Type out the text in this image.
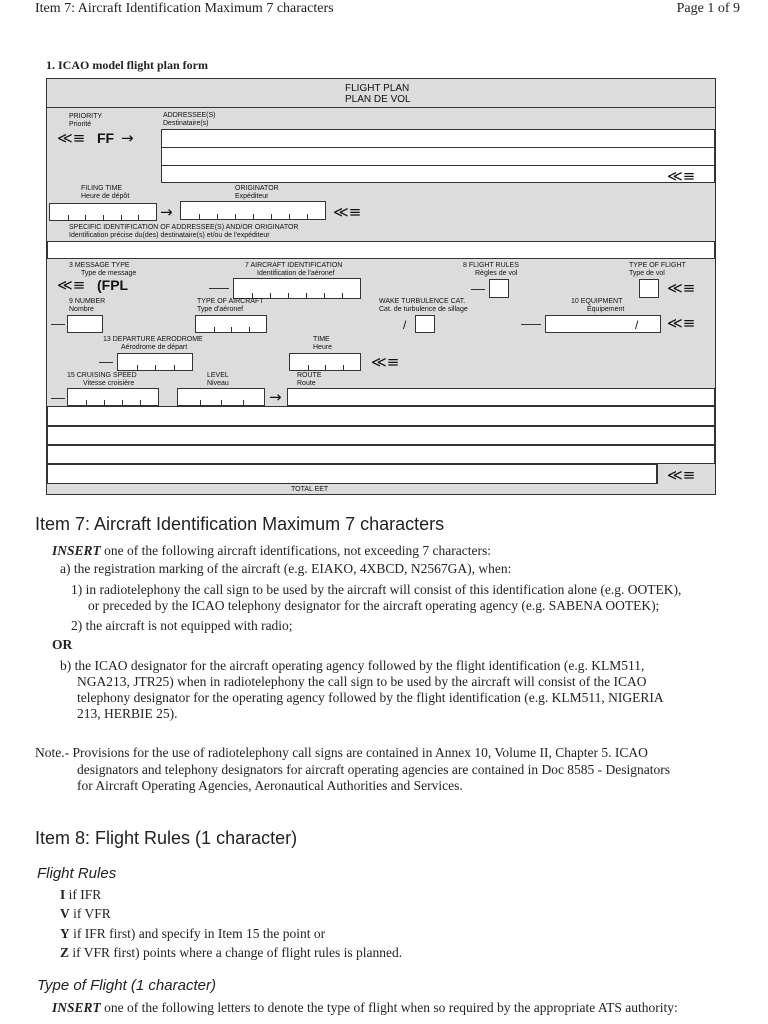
Item 7: Aircraft Identification Maximum 7 characters	Page 1 of 9
1. ICAO model flight plan form
FLIGHT PLAN
PLAN DE VOL
PRIORITY
Priorité
≪≡ FF →
ADDRESSEE(S)
Destinataire(s)
≪≡
FILING TIME
Heure de dépôt
→
ORIGINATOR
Expéditeur
≪≡
SPECIFIC IDENTIFICATION OF ADDRESSEE(S) AND/OR ORIGINATOR
Identification précise du(des) destinataire(s) et/ou de l'expéditeur
3 MESSAGE TYPE
Type de message
≪≡ (FPL
7 AIRCRAFT IDENTIFICATION
Identification de l'aéronef
8 FLIGHT RULES
Règles de vol
TYPE OF FLIGHT
Type de vol
≪≡
9 NUMBER
Nombre
TYPE OF AIRCRAFT
Type d'aéronef
WAKE TURBULENCE CAT.
Cat. de turbulence de sillage
/
10 EQUIPMENT
Équipement
/ ≪≡
13 DEPARTURE AERODROME
Aérodrome de départ
TIME
Heure
≪≡
15 CRUISING SPEED
Vitesse croisière
LEVEL
Niveau
→
ROUTE
Route
≪≡
TOTAL EET
Item 7: Aircraft Identification Maximum 7 characters
INSERT one of the following aircraft identifications, not exceeding 7 characters:
a) the registration marking of the aircraft (e.g. EIAKO, 4XBCD, N2567GA), when:
1) in radiotelephony the call sign to be used by the aircraft will consist of this identification alone (e.g. OOTEK),
or preceded by the ICAO telephony designator for the aircraft operating agency (e.g. SABENA OOTEK);
2) the aircraft is not equipped with radio;
OR
b) the ICAO designator for the aircraft operating agency followed by the flight identification (e.g. KLM511,
NGA213, JTR25) when in radiotelephony the call sign to be used by the aircraft will consist of the ICAO
telephony designator for the operating agency followed by the flight identification (e.g. KLM511, NIGERIA
213, HERBIE 25).
Note.- Provisions for the use of radiotelephony call signs are contained in Annex 10, Volume II, Chapter 5. ICAO
designators and telephony designators for aircraft operating agencies are contained in Doc 8585 - Designators
for Aircraft Operating Agencies, Aeronautical Authorities and Services.
Item 8: Flight Rules (1 character)
Flight Rules
I if IFR
V if VFR
Y if IFR first) and specify in Item 15 the point or
Z if VFR first) points where a change of flight rules is planned.
Type of Flight (1 character)
INSERT one of the following letters to denote the type of flight when so required by the appropriate ATS authority:
